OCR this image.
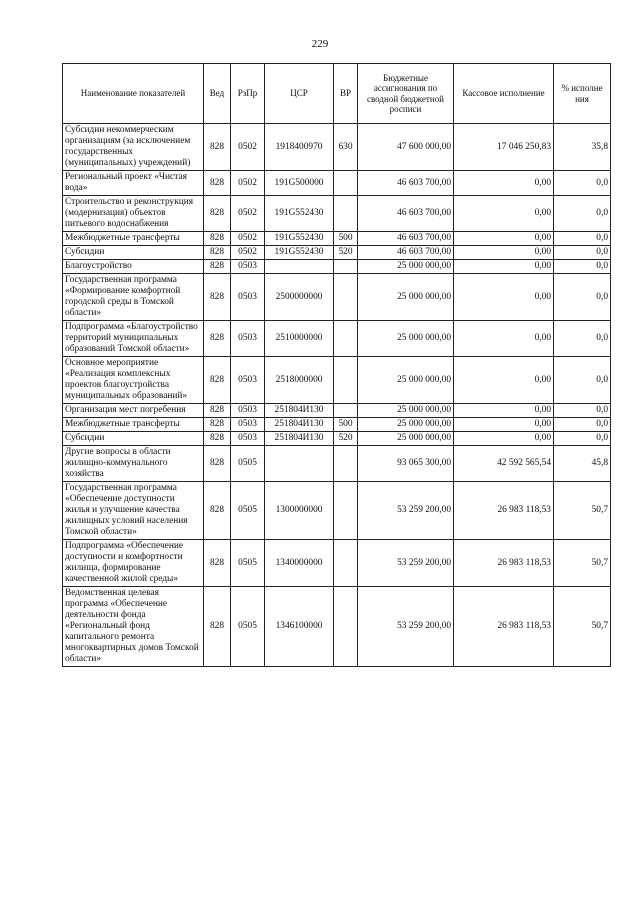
229
Наименование показателей	Вед	РзПр	ЦСР	ВР	Бюджетные ассигнования по сводной бюджетной росписи	Кассовое исполнение	% исполне ния
Субсидии некоммерческим организациям (за исключением государственных (муниципальных) учреждений)	828	0502	1918400970	630	47 600 000,00	17 046 250,83	35,8
Региональный проект «Чистая вода»	828	0502	191G500000		46 603 700,00	0,00	0,0
Строительство и реконструкция (модернизация) объектов питьевого водоснабжения	828	0502	191G552430		46 603 700,00	0,00	0,0
Межбюджетные трансферты	828	0502	191G552430	500	46 603 700,00	0,00	0,0
Субсидии	828	0502	191G552430	520	46 603 700,00	0,00	0,0
Благоустройство	828	0503			25 000 000,00	0,00	0,0
Государственная программа «Формирование комфортной городской среды в Томской области»	828	0503	2500000000		25 000 000,00	0,00	0,0
Подпрограмма «Благоустройство территорий муниципальных образований Томской области»	828	0503	2510000000		25 000 000,00	0,00	0,0
Основное мероприятие «Реализация комплексных проектов благоустройства муниципальных образований»	828	0503	2518000000		25 000 000,00	0,00	0,0
Организация мест погребения	828	0503	251804И130		25 000 000,00	0,00	0,0
Межбюджетные трансферты	828	0503	251804И130	500	25 000 000,00	0,00	0,0
Субсидии	828	0503	251804И130	520	25 000 000,00	0,00	0,0
Другие вопросы в области жилищно-коммунального хозяйства	828	0505			93 065 300,00	42 592 565,54	45,8
Государственная программа «Обеспечение доступности жилья и улучшение качества жилищных условий населения Томской области»	828	0505	1300000000		53 259 200,00	26 983 118,53	50,7
Подпрограмма «Обеспечение доступности и комфортности жилища, формирование качественной жилой среды»	828	0505	1340000000		53 259 200,00	26 983 118,53	50,7
Ведомственная целевая программа «Обеспечение деятельности фонда «Региональный фонд капитального ремонта многоквартирных домов Томской области»	828	0505	1346100000		53 259 200,00	26 983 118,53	50,7
